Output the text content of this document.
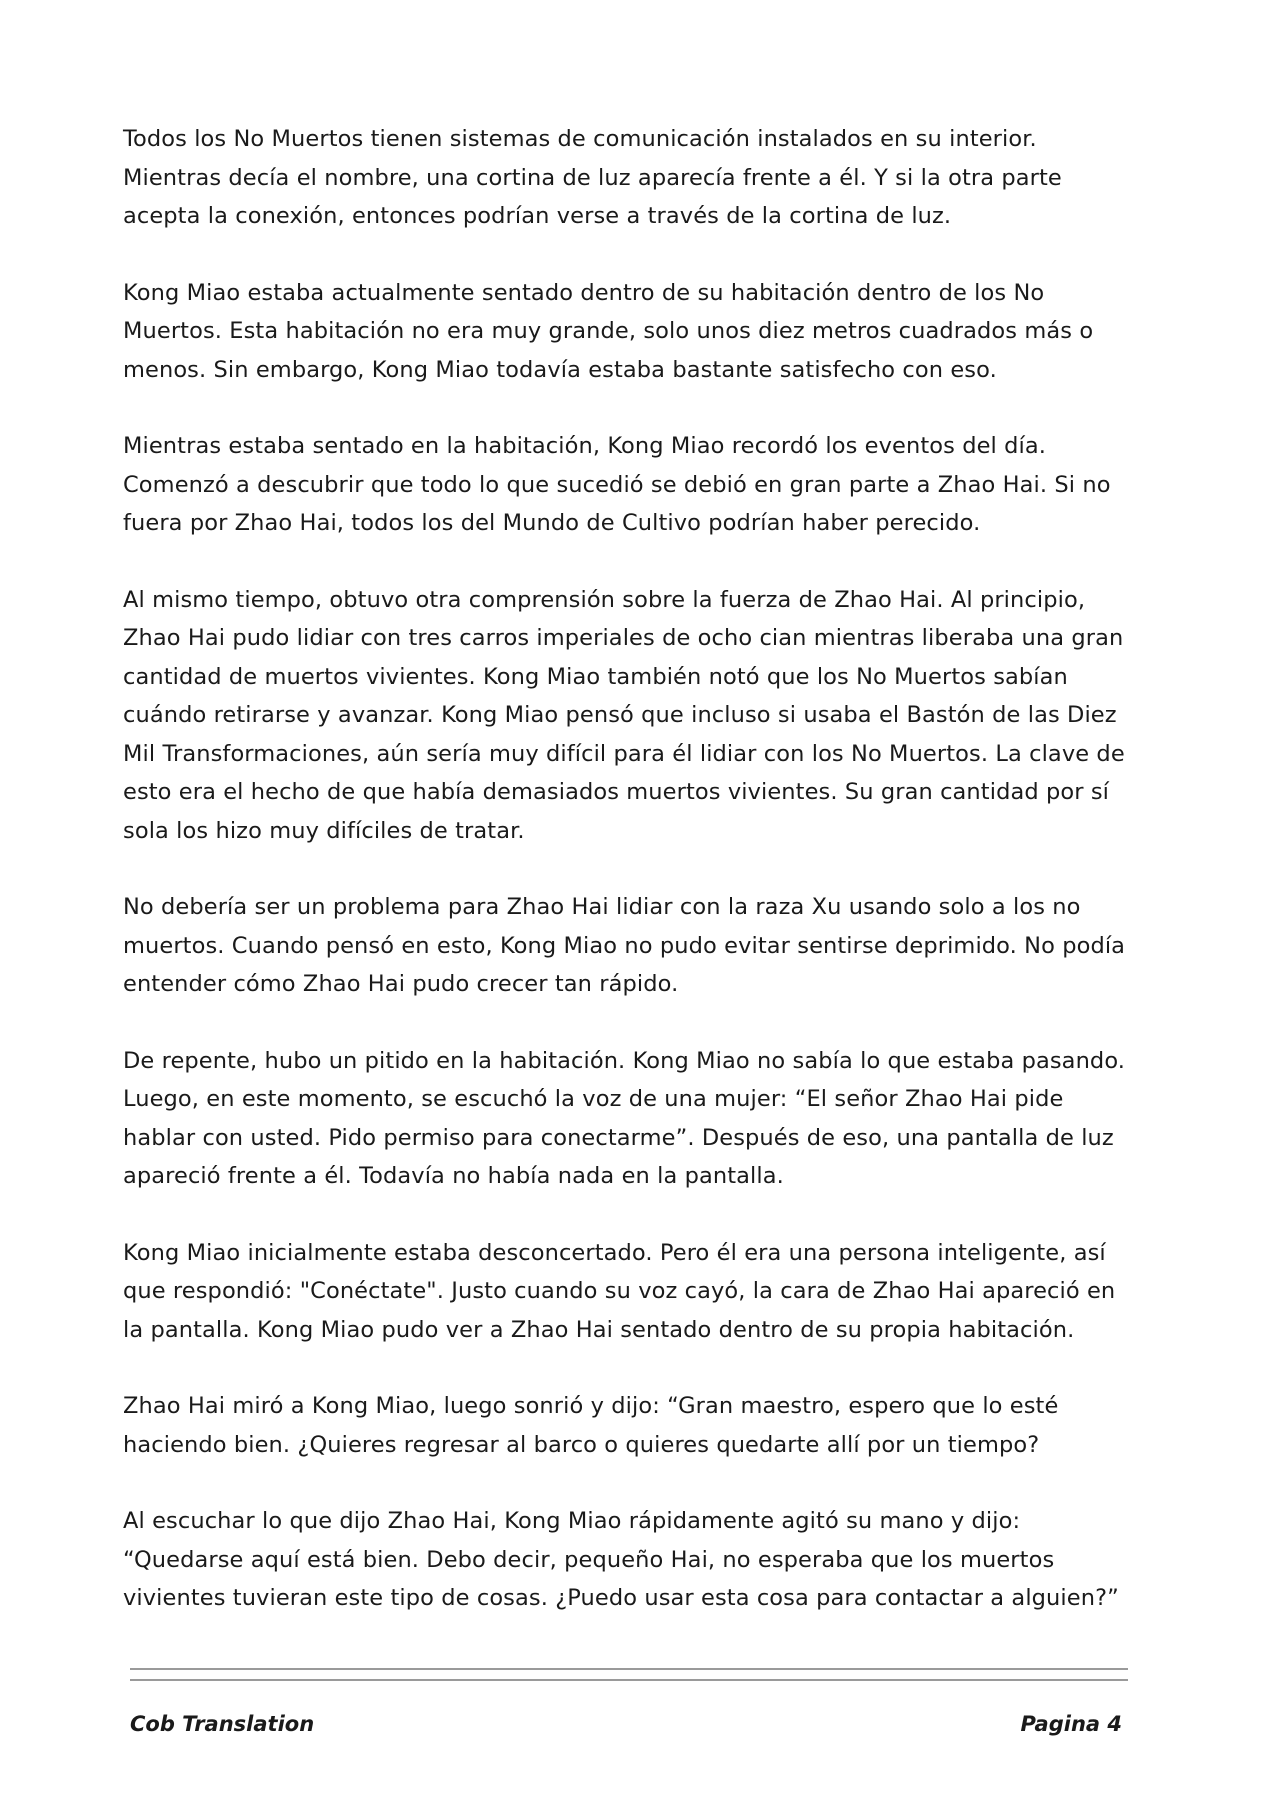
Todos los No Muertos tienen sistemas de comunicación instalados en su interior. Mientras decía el nombre, una cortina de luz aparecía frente a él. Y si la otra parte acepta la conexión, entonces podrían verse a través de la cortina de luz.

Kong Miao estaba actualmente sentado dentro de su habitación dentro de los No Muertos. Esta habitación no era muy grande, solo unos diez metros cuadrados más o menos. Sin embargo, Kong Miao todavía estaba bastante satisfecho con eso.

Mientras estaba sentado en la habitación, Kong Miao recordó los eventos del día. Comenzó a descubrir que todo lo que sucedió se debió en gran parte a Zhao Hai. Si no fuera por Zhao Hai, todos los del Mundo de Cultivo podrían haber perecido.

Al mismo tiempo, obtuvo otra comprensión sobre la fuerza de Zhao Hai. Al principio, Zhao Hai pudo lidiar con tres carros imperiales de ocho cian mientras liberaba una gran cantidad de muertos vivientes. Kong Miao también notó que los No Muertos sabían cuándo retirarse y avanzar. Kong Miao pensó que incluso si usaba el Bastón de las Diez Mil Transformaciones, aún sería muy difícil para él lidiar con los No Muertos. La clave de esto era el hecho de que había demasiados muertos vivientes. Su gran cantidad por sí sola los hizo muy difíciles de tratar.

No debería ser un problema para Zhao Hai lidiar con la raza Xu usando solo a los no muertos. Cuando pensó en esto, Kong Miao no pudo evitar sentirse deprimido. No podía entender cómo Zhao Hai pudo crecer tan rápido.

De repente, hubo un pitido en la habitación. Kong Miao no sabía lo que estaba pasando. Luego, en este momento, se escuchó la voz de una mujer: “El señor Zhao Hai pide hablar con usted. Pido permiso para conectarme”. Después de eso, una pantalla de luz apareció frente a él. Todavía no había nada en la pantalla.

Kong Miao inicialmente estaba desconcertado. Pero él era una persona inteligente, así que respondió: "Conéctate". Justo cuando su voz cayó, la cara de Zhao Hai apareció en la pantalla. Kong Miao pudo ver a Zhao Hai sentado dentro de su propia habitación.

Zhao Hai miró a Kong Miao, luego sonrió y dijo: “Gran maestro, espero que lo esté haciendo bien. ¿Quieres regresar al barco o quieres quedarte allí por un tiempo?

Al escuchar lo que dijo Zhao Hai, Kong Miao rápidamente agitó su mano y dijo: “Quedarse aquí está bien. Debo decir, pequeño Hai, no esperaba que los muertos vivientes tuvieran este tipo de cosas. ¿Puedo usar esta cosa para contactar a alguien?”

Cob Translation	Pagina 4
